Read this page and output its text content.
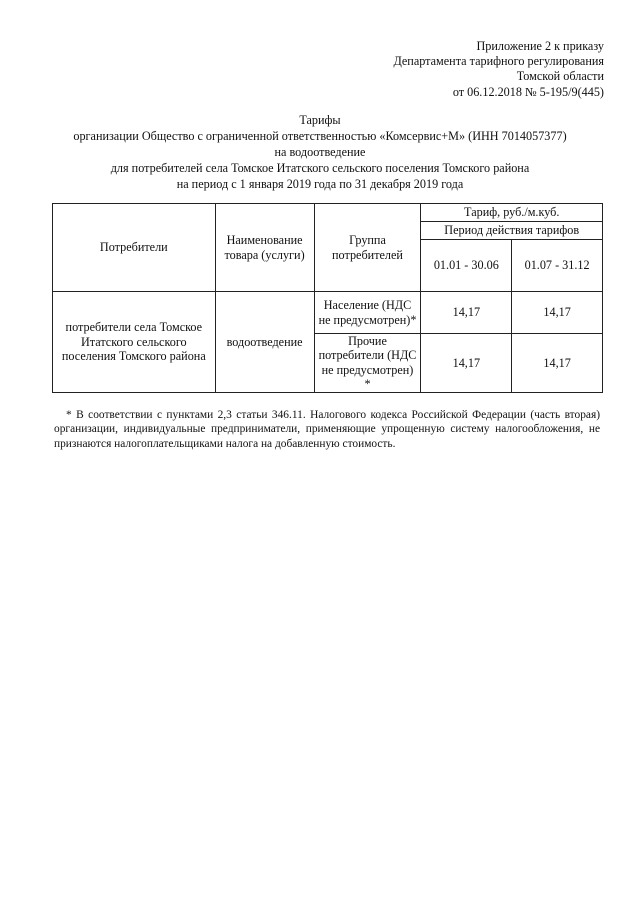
Приложение 2 к приказу
Департамента тарифного регулирования
Томской области
от 06.12.2018 № 5-195/9(445)
Тарифы
организации Общество с ограниченной ответственностью «Комсервис+М» (ИНН 7014057377)
на водоотведение
для потребителей села Томское Итатского сельского поселения Томского района
на период с 1 января 2019 года по 31 декабря 2019 года
Потребители	Наименование товара (услуги)	Группа потребителей	Тариф, руб./м.куб.	
			Период действия тарифов	
			01.01 - 30.06	01.07 - 31.12
потребители села Томское Итатского сельского поселения Томского района	водоотведение	Население (НДС не предусмотрен)*	14,17	14,17
		Прочие потребители (НДС не предусмотрен) *	14,17	14,17
* В соответствии с пунктами 2,3 статьи 346.11. Налогового кодекса Российской Федерации (часть вторая) организации, индивидуальные предприниматели, применяющие упрощенную систему налогообложения, не признаются налогоплательщиками налога на добавленную стоимость.
